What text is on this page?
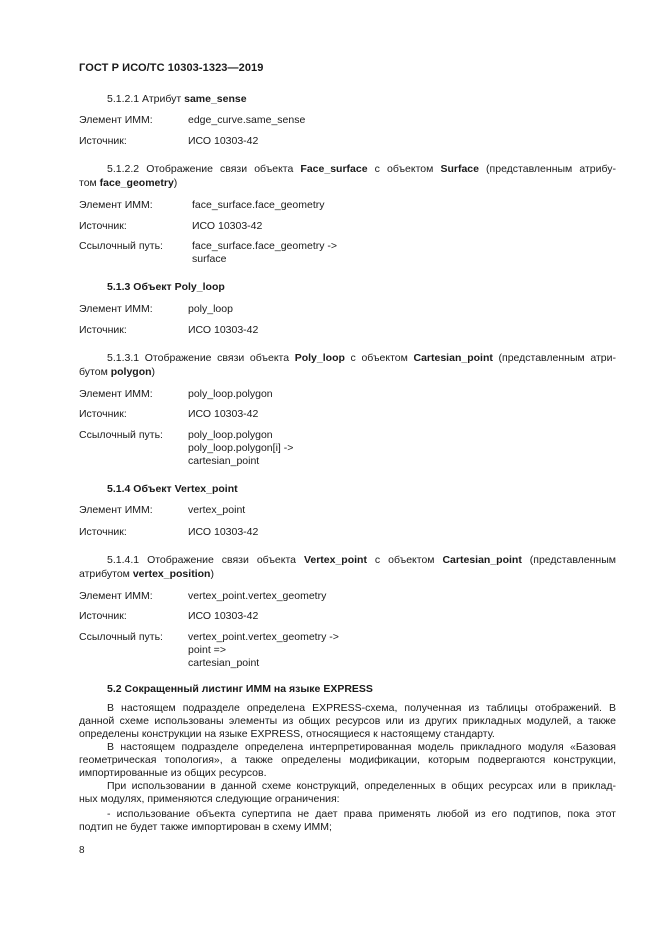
ГОСТ Р ИСО/ТС 10303-1323—2019
5.1.2.1 Атрибут same_sense
Элемент ИММ:	edge_curve.same_sense
Источник:	ИСО 10303-42
5.1.2.2 Отображение связи объекта Face_surface с объектом Surface (представленным атрибу-
том face_geometry)
Элемент ИММ:	face_surface.face_geometry
Источник:	ИСО 10303-42
Ссылочный путь:	face_surface.face_geometry ->
surface
5.1.3 Объект Poly_loop
Элемент ИММ:	poly_loop
Источник:	ИСО 10303-42
5.1.3.1 Отображение связи объекта Poly_loop с объектом Cartesian_point (представленным атри-
бутом polygon)
Элемент ИММ:	poly_loop.polygon
Источник:	ИСО 10303-42
Ссылочный путь: poly_loop.polygon
poly_loop.polygon[i] ->
cartesian_point
5.1.4 Объект Vertex_point
Элемент ИММ:	vertex_point
Источник:	ИСО 10303-42
5.1.4.1 Отображение связи объекта Vertex_point с объектом Cartesian_point (представленным
атрибутом vertex_position)
Элемент ИММ:	vertex_point.vertex_geometry
Источник:	ИСО 10303-42
Ссылочный путь: vertex_point.vertex_geometry ->
point =>
cartesian_point
5.2 Сокращенный листинг ИММ на языке EXPRESS
В настоящем подразделе определена EXPRESS-схема, полученная из таблицы отображений. В
данной схеме использованы элементы из общих ресурсов или из других прикладных модулей, а также
определены конструкции на языке EXPRESS, относящиеся к настоящему стандарту.
В настоящем подразделе определена интерпретированная модель прикладного модуля «Базовая
геометрическая топология», а также определены модификации, которым подвергаются конструкции,
импортированные из общих ресурсов.
При использовании в данной схеме конструкций, определенных в общих ресурсах или в приклад-
ных модулях, применяются следующие ограничения:
- использование объекта супертипа не дает права применять любой из его подтипов, пока этот
подтип не будет также импортирован в схему ИММ;
8
